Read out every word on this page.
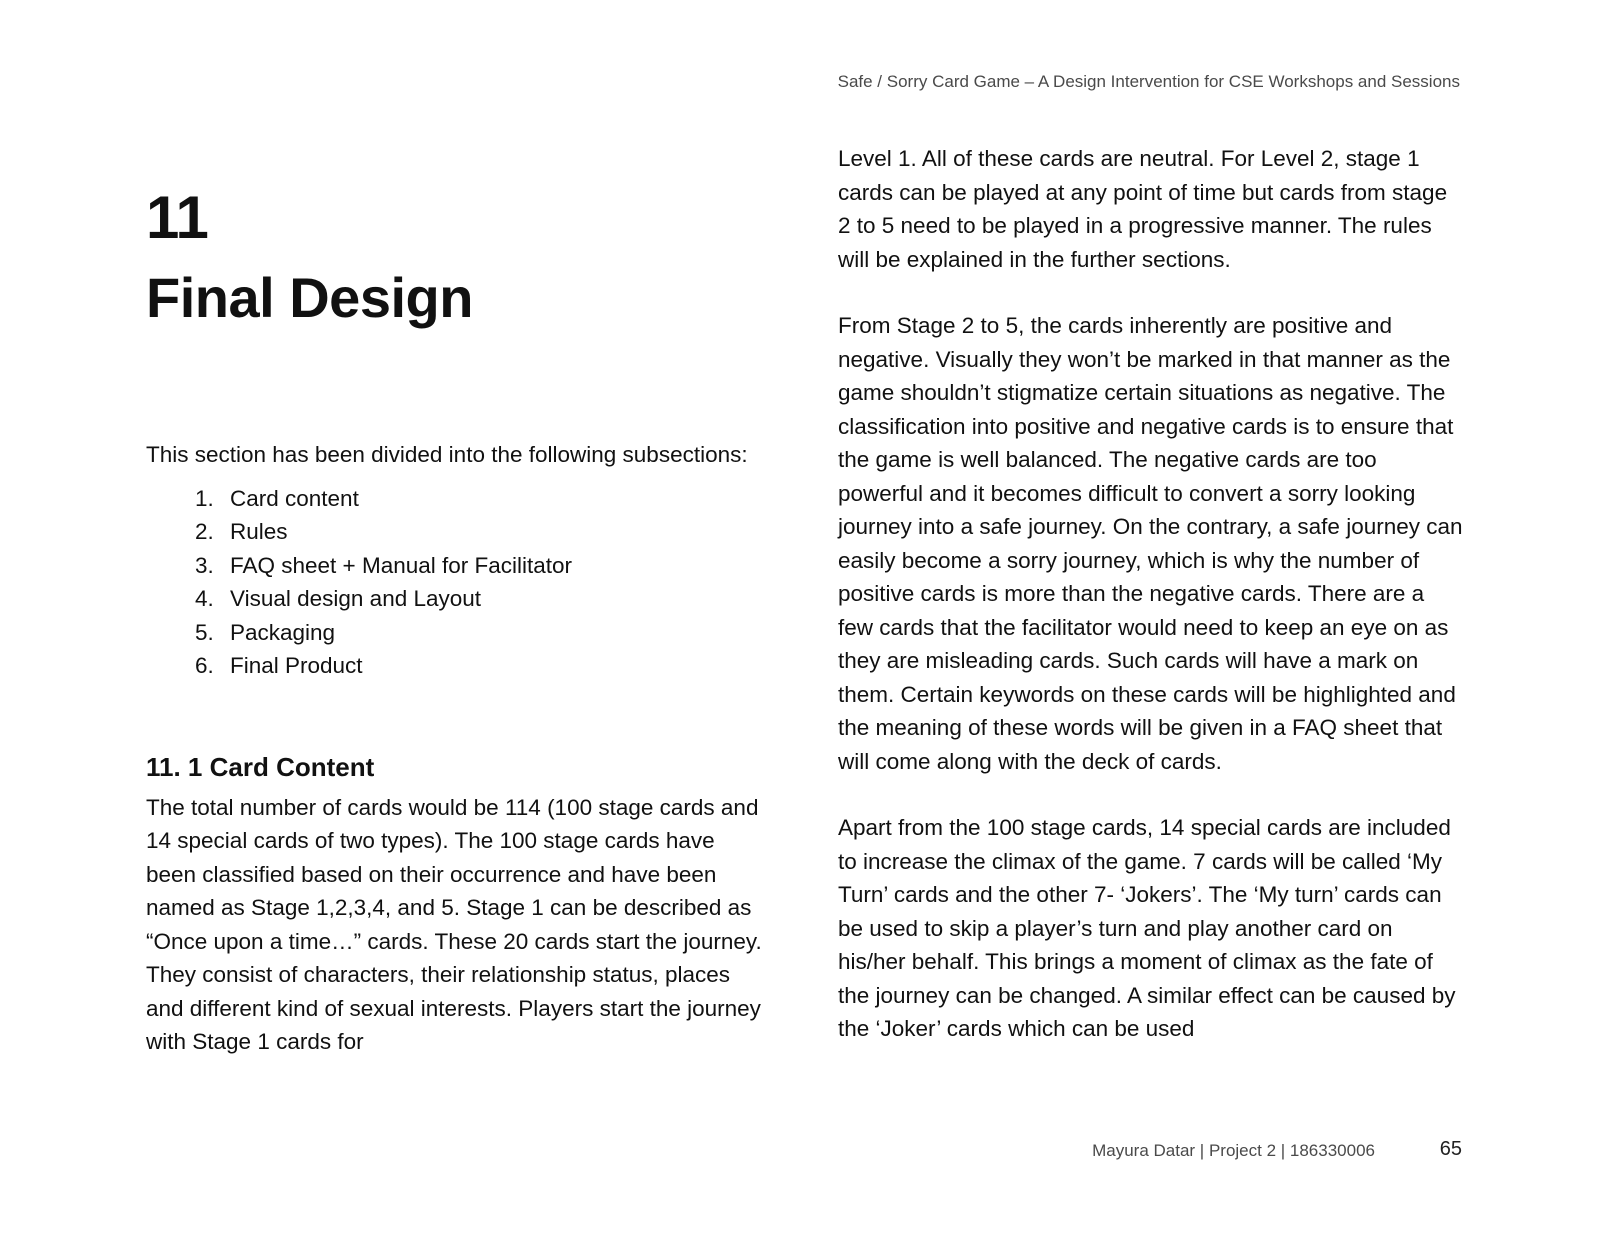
Safe / Sorry Card Game – A Design Intervention for CSE Workshops and Sessions
11
Final Design

This section has been divided into the following subsections:

1. Card content
2. Rules
3. FAQ sheet + Manual for Facilitator
4. Visual design and Layout
5. Packaging
6. Final Product
11. 1 Card Content

The total number of cards would be 114 (100 stage cards and 14 special cards of two types). The 100 stage cards have been classified based on their occurrence and have been named as Stage 1,2,3,4, and 5. Stage 1 can be described as “Once upon a time…” cards. These 20 cards start the journey. They consist of characters, their relationship status, places and different kind of sexual interests. Players start the journey with Stage 1 cards for

Level 1. All of these cards are neutral. For Level 2, stage 1 cards can be played at any point of time but cards from stage 2 to 5 need to be played in a progressive manner. The rules will be explained in the further sections.

From Stage 2 to 5, the cards inherently are positive and negative. Visually they won’t be marked in that manner as the game shouldn’t stigmatize certain situations as negative. The classification into positive and negative cards is to ensure that the game is well balanced. The negative cards are too powerful and it becomes difficult to convert a sorry looking journey into a safe journey. On the contrary, a safe journey can easily become a sorry journey, which is why the number of positive cards is more than the negative cards. There are a few cards that the facilitator would need to keep an eye on as they are misleading cards. Such cards will have a mark on them. Certain keywords on these cards will be highlighted and the meaning of these words will be given in a FAQ sheet that will come along with the deck of cards.

Apart from the 100 stage cards, 14 special cards are included to increase the climax of the game. 7 cards will be called ‘My Turn’ cards and the other 7- ‘Jokers’. The ‘My turn’ cards can be used to skip a player’s turn and play another card on his/her behalf. This brings a moment of climax as the fate of the journey can be changed. A similar effect can be caused by the ‘Joker’ cards which can be used

Mayura Datar | Project 2 | 186330006	65
